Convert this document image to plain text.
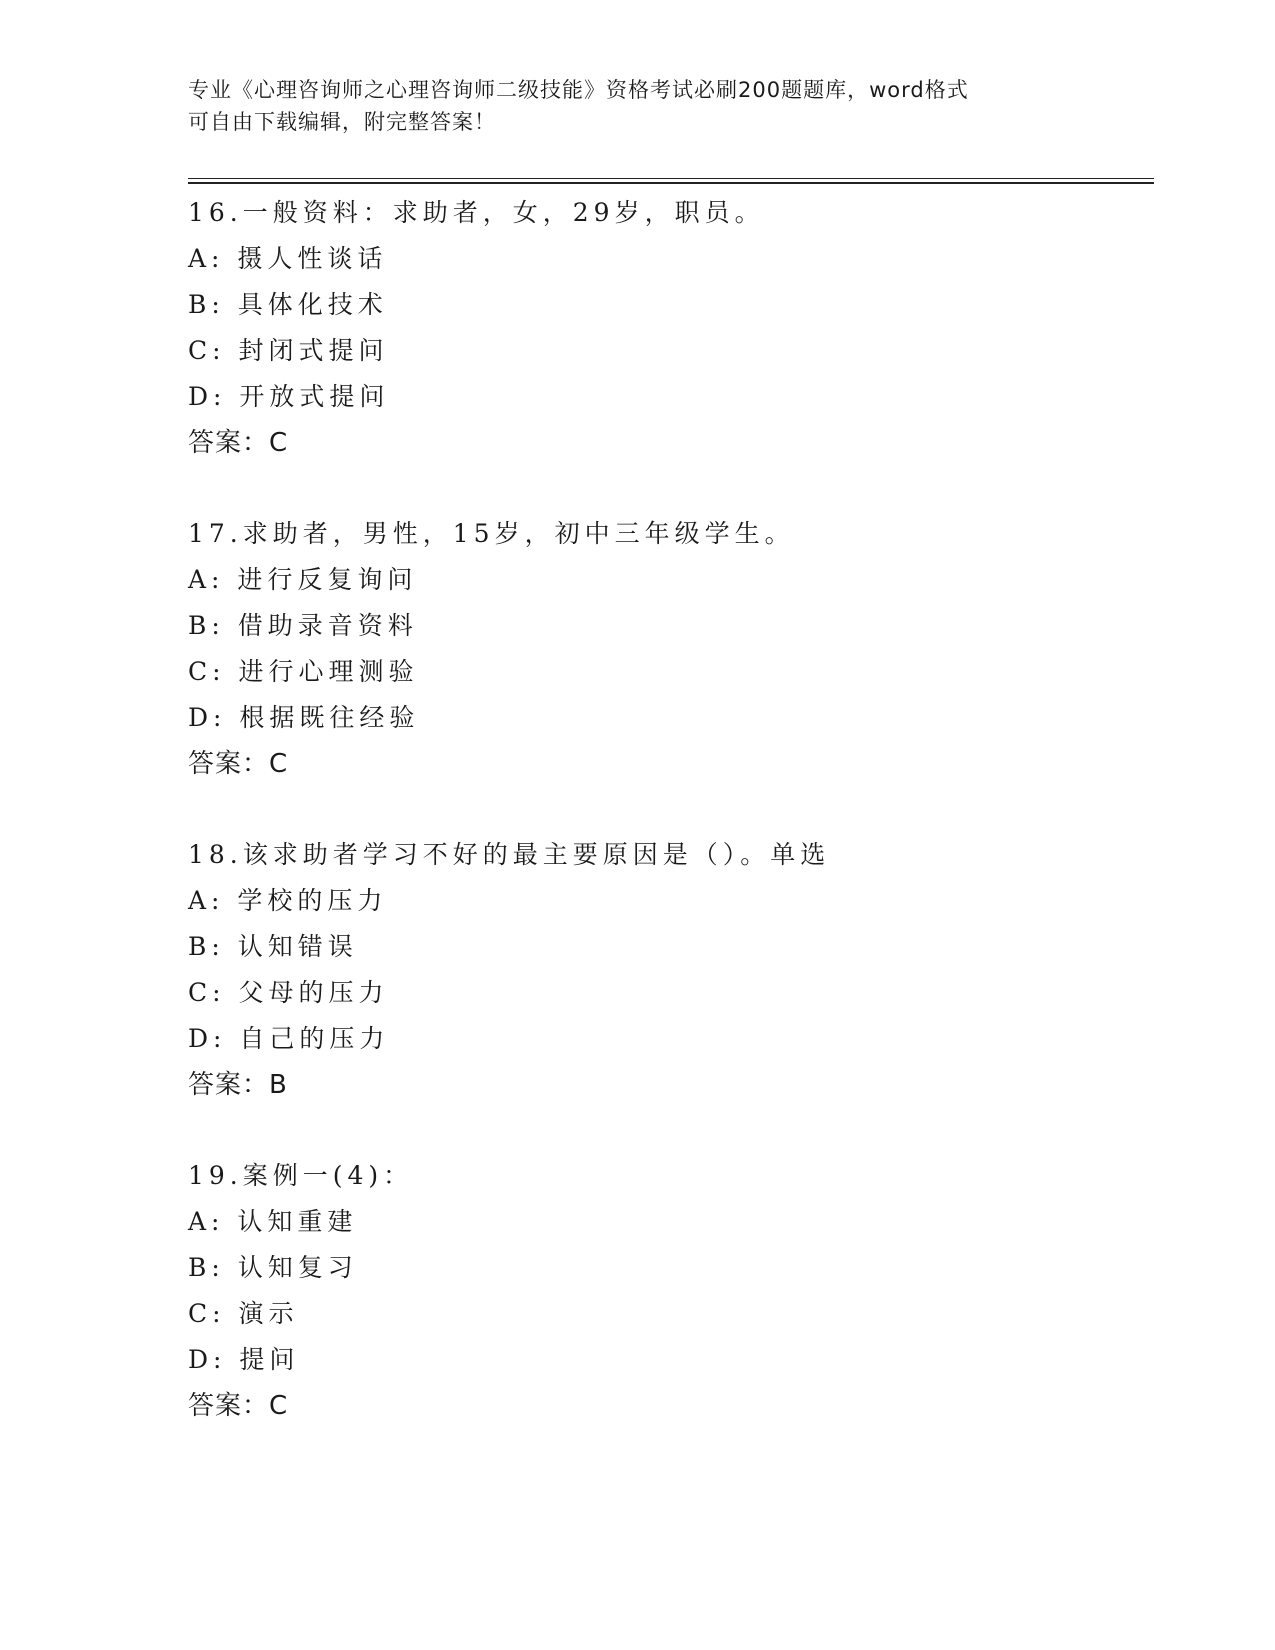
专业《心理咨询师之心理咨询师二级技能》资格考试必刷200题题库，word格式

可自由下载编辑，附完整答案！

16.一般资料：求助者，女，29岁，职员。
A: 摄人性谈话
B: 具体化技术
C: 封闭式提问
D: 开放式提问
答案：C
17.求助者，男性，15岁，初中三年级学生。
A: 进行反复询问
B: 借助录音资料
C: 进行心理测验
D: 根据既往经验
答案：C
18.该求助者学习不好的最主要原因是（）。单选
A: 学校的压力
B: 认知错误
C: 父母的压力
D: 自己的压力
答案：B
19.案例一(4)：
A: 认知重建
B: 认知复习
C: 演示
D: 提问
答案：C
